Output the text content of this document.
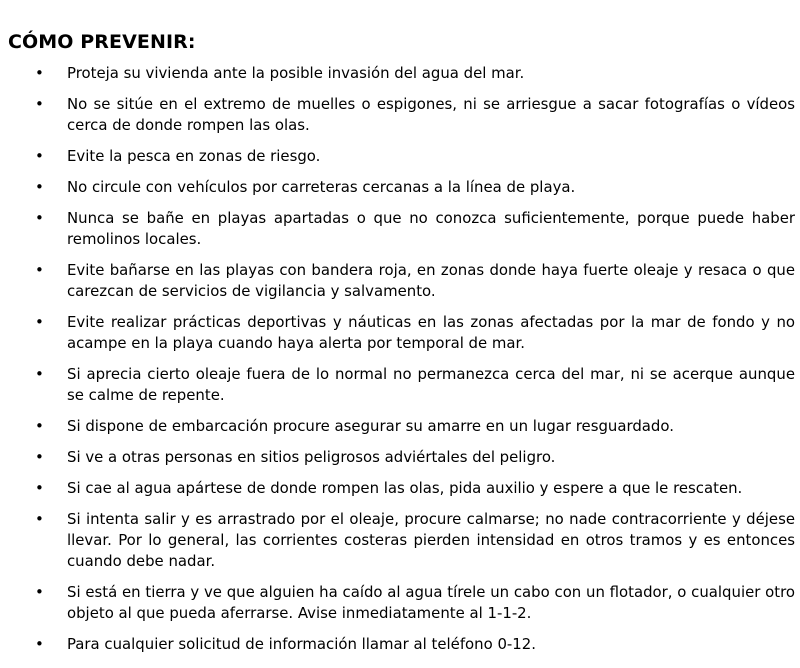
CÓMO PREVENIR:
• Proteja su vivienda ante la posible invasión del agua del mar.
• No se sitúe en el extremo de muelles o espigones, ni se arriesgue a sacar fotografías o vídeos cerca de donde rompen las olas.
• Evite la pesca en zonas de riesgo.
• No circule con vehículos por carreteras cercanas a la línea de playa.
• Nunca se bañe en playas apartadas o que no conozca suficientemente, porque puede haber remolinos locales.
• Evite bañarse en las playas con bandera roja, en zonas donde haya fuerte oleaje y resaca o que carezcan de servicios de vigilancia y salvamento.
• Evite realizar prácticas deportivas y náuticas en las zonas afectadas por la mar de fondo y no acampe en la playa cuando haya alerta por temporal de mar.
• Si aprecia cierto oleaje fuera de lo normal no permanezca cerca del mar, ni se acerque aunque se calme de repente.
• Si dispone de embarcación procure asegurar su amarre en un lugar resguardado.
• Si ve a otras personas en sitios peligrosos adviértales del peligro.
• Si cae al agua apártese de donde rompen las olas, pida auxilio y espere a que le rescaten.
• Si intenta salir y es arrastrado por el oleaje, procure calmarse; no nade contracorriente y déjese llevar. Por lo general, las corrientes costeras pierden intensidad en otros tramos y es entonces cuando debe nadar.
• Si está en tierra y ve que alguien ha caído al agua tírele un cabo con un flotador, o cualquier otro objeto al que pueda aferrarse. Avise inmediatamente al 1-1-2.
• Para cualquier solicitud de información llamar al teléfono 0-12.
